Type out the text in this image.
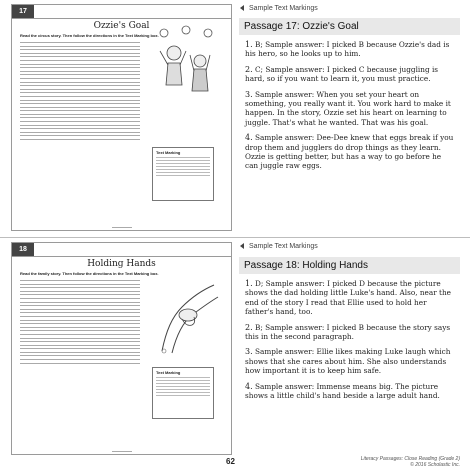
17
Ozzie's Goal
Read the circus story. Then follow the directions in the Text Marking box.
Text Marking
Sample Text Markings
Passage 17: Ozzie's Goal

1. B; Sample answer: I picked B because Ozzie's dad is his hero, so he looks up to him.

2. C; Sample answer: I picked C because juggling is hard, so if you want to learn it, you must practice.

3. Sample answer: When you set your heart on something, you really want it. You work hard to make it happen. In the story, Ozzie set his heart on learning to juggle. That's what he wanted. That was his goal.

4. Sample answer: Dee-Dee knew that eggs break if you drop them and jugglers do drop things as they learn. Ozzie is getting better, but has a way to go before he can juggle raw eggs.

18
Holding Hands
Read the family story. Then follow the directions in the Text Marking box.
Text Marking
Sample Text Markings
Passage 18: Holding Hands

1. D; Sample answer: I picked D because the picture shows the dad holding little Luke's hand. Also, near the end of the story I read that Ellie used to hold her father's hand, too.

2. B; Sample answer: I picked B because the story says this in the second paragraph.

3. Sample answer: Ellie likes making Luke laugh which shows that she cares about him. She also understands how important it is to keep him safe.

4. Sample answer: Immense means big. The picture shows a little child's hand beside a large adult hand.

62	Literacy Passages: Close Reading (Grade 2)
© 2016 Scholastic Inc.
